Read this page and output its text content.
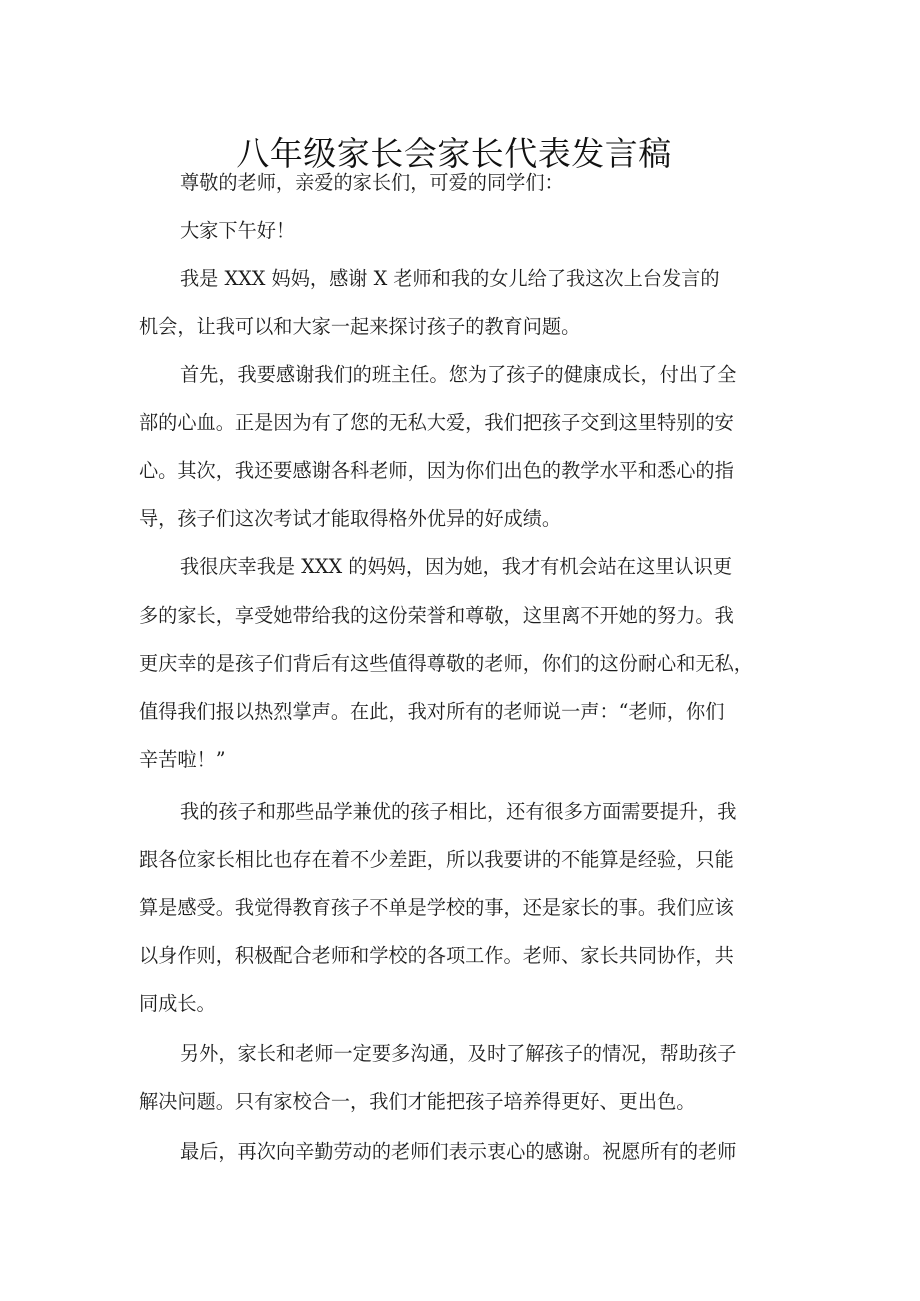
八年级家长会家长代表发言稿
尊敬的老师，亲爱的家长们，可爱的同学们：
大家下午好！
我是 XXX 妈妈，感谢 X 老师和我的女儿给了我这次上台发言的
机会，让我可以和大家一起来探讨孩子的教育问题。
首先，我要感谢我们的班主任。您为了孩子的健康成长，付出了全
部的心血。正是因为有了您的无私大爱，我们把孩子交到这里特别的安
心。其次，我还要感谢各科老师，因为你们出色的教学水平和悉心的指
导，孩子们这次考试才能取得格外优异的好成绩。
我很庆幸我是 XXX 的妈妈，因为她，我才有机会站在这里认识更
多的家长，享受她带给我的这份荣誉和尊敬，这里离不开她的努力。我
更庆幸的是孩子们背后有这些值得尊敬的老师，你们的这份耐心和无私，
值得我们报以热烈掌声。在此，我对所有的老师说一声：“老师，你们
辛苦啦！”
我的孩子和那些品学兼优的孩子相比，还有很多方面需要提升，我
跟各位家长相比也存在着不少差距，所以我要讲的不能算是经验，只能
算是感受。我觉得教育孩子不单是学校的事，还是家长的事。我们应该
以身作则，积极配合老师和学校的各项工作。老师、家长共同协作，共
同成长。
另外，家长和老师一定要多沟通，及时了解孩子的情况，帮助孩子
解决问题。只有家校合一，我们才能把孩子培养得更好、更出色。
最后，再次向辛勤劳动的老师们表示衷心的感谢。祝愿所有的老师
